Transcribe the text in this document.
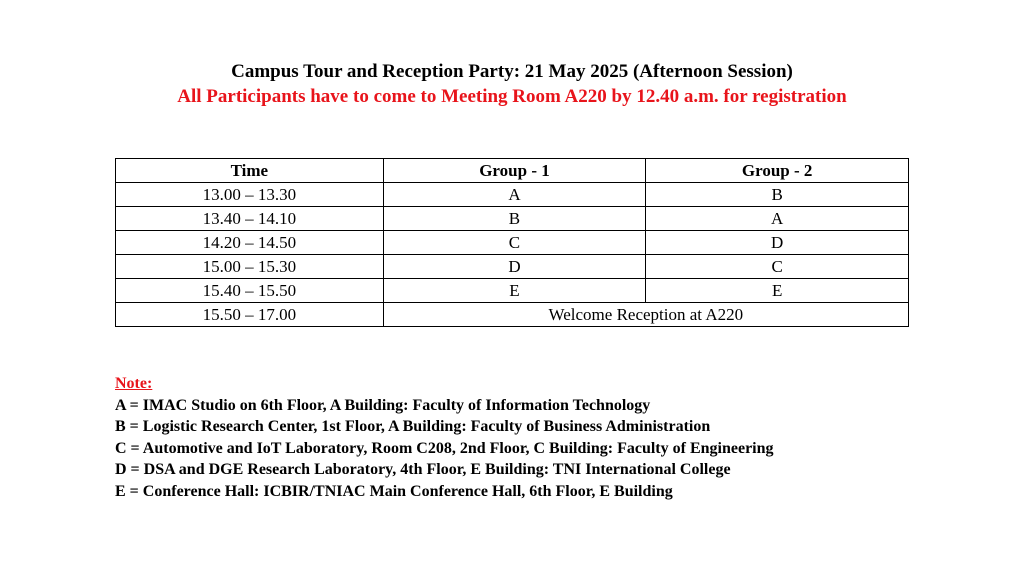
Campus Tour and Reception Party: 21 May 2025 (Afternoon Session)
All Participants have to come to Meeting Room A220 by 12.40 a.m. for registration
Time	Group - 1	Group - 2
13.00 – 13.30	A	B
13.40 – 14.10	B	A
14.20 – 14.50	C	D
15.00 – 15.30	D	C
15.40 – 15.50	E	E
15.50 – 17.00	Welcome Reception at A220	
Note:
A = IMAC Studio on 6th Floor, A Building: Faculty of Information Technology
B = Logistic Research Center, 1st Floor, A Building: Faculty of Business Administration
C = Automotive and IoT Laboratory, Room C208, 2nd Floor, C Building: Faculty of Engineering
D = DSA and DGE Research Laboratory, 4th Floor, E Building: TNI International College
E = Conference Hall: ICBIR/TNIAC Main Conference Hall, 6th Floor, E Building
